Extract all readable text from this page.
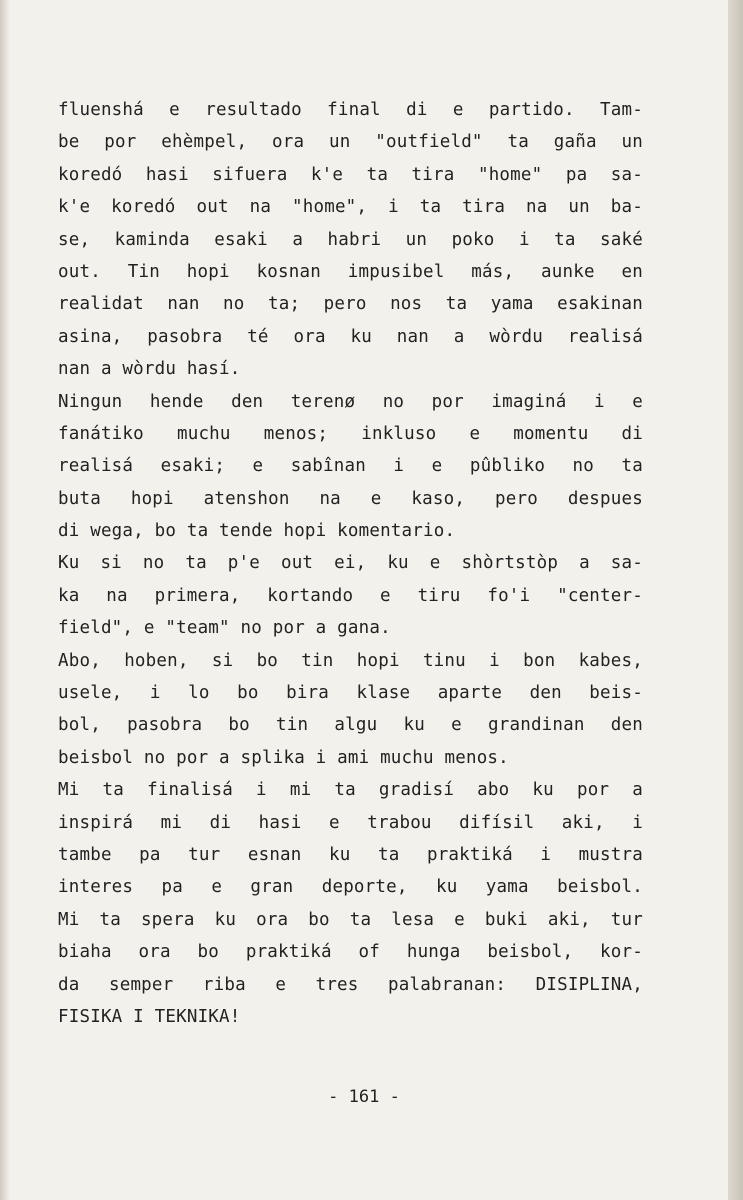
fluenshá e resultado final di e partido. Tam-
be por ehèmpel, ora un "outfield" ta gaña un
koredó hasi sifuera k'e ta tira "home" pa sa-
k'e koredó out na "home", i ta tira na un ba-
se, kaminda esaki a habri un poko i ta saké
out. Tin hopi kosnan impusibel más, aunke en
realidat nan no ta; pero nos ta yama esakinan
asina, pasobra té ora ku nan a wòrdu realisá
nan a wòrdu hasí.
Ningun hende den terenø no por imaginá i e
fanátiko muchu menos; inkluso e momentu di
realisá esaki; e sabînan i e pûbliko no ta
buta hopi atenshon na e kaso, pero despues
di wega, bo ta tende hopi komentario.
Ku si no ta p'e out ei, ku e shòrtstòp a sa-
ka na primera, kortando e tiru fo'i "center-
field", e "team" no por a gana.
Abo, hoben, si bo tin hopi tinu i bon kabes,
usele, i lo bo bira klase aparte den beis-
bol, pasobra bo tin algu ku e grandinan den
beisbol no por a splika i ami muchu menos.
Mi ta finalisá i mi ta gradisí abo ku por a
inspirá mi di hasi e trabou difísil aki, i
tambe pa tur esnan ku ta praktiká i mustra
interes pa e gran deporte, ku yama beisbol.
Mi ta spera ku ora bo ta lesa e buki aki, tur
biaha ora bo praktiká of hunga beisbol, kor-
da semper riba e tres palabranan: DISIPLINA,
FISIKA I TEKNIKA!
- 161 -
